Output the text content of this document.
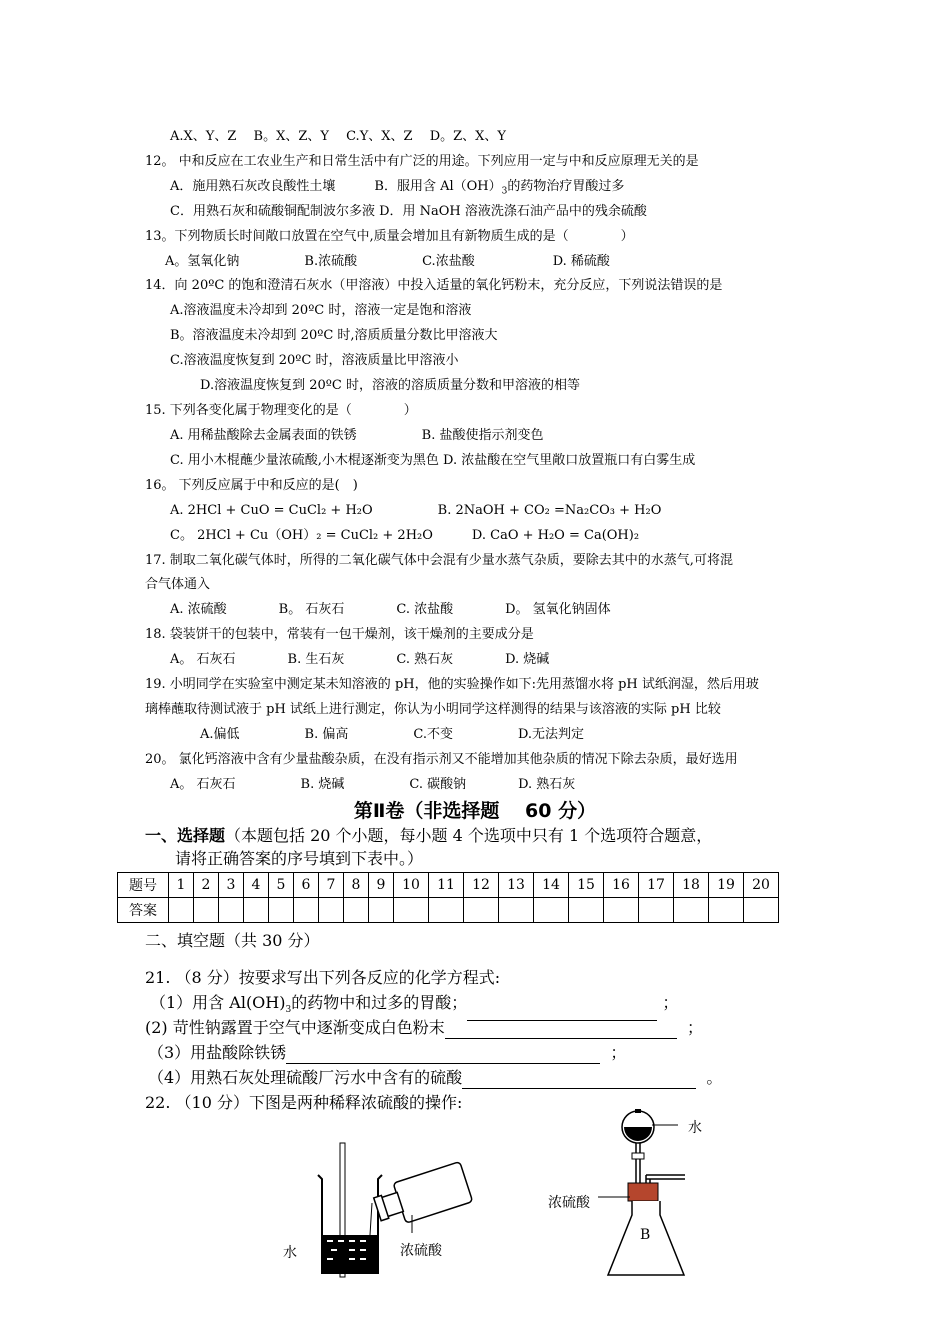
A.X、Y、Z　 B。X、Z、Y　 C.Y、X、Z　 D。Z、X、Y
12。 中和反应在工农业生产和日常生活中有广泛的用途。下列应用一定与中和反应原理无关的是
A．施用熟石灰改良酸性土壤　　　B．服用含 $Al(OH)_3$的药物治疗胃酸过多
C．用熟石灰和硫酸铜配制波尔多液 D．用 NaOH 溶液洗涤石油产品中的残余硫酸
13。下列物质长时间敞口放置在空气中,质量会增加且有新物质生成的是（　　　　）
A。氢氧化钠　　　　　B.浓硫酸　　　　　C.浓盐酸　　　　　　D. 稀硫酸
14．向 20ºC 的饱和澄清石灰水（甲溶液）中投入适量的氧化钙粉末，充分反应，下列说法错误的是
A.溶液温度未冷却到 20ºC 时，溶液一定是饱和溶液
B。溶液温度未冷却到 20ºC 时,溶质质量分数比甲溶液大
C.溶液温度恢复到 20ºC 时，溶液质量比甲溶液小
D.溶液温度恢复到 20ºC 时，溶液的溶质质量分数和甲溶液的相等
15. 下列各变化属于物理变化的是（　　　　）
A. 用稀盐酸除去金属表面的铁锈　　　　　B. 盐酸使指示剂变色
C. 用小木棍蘸少量浓硫酸,小木棍逐渐变为黑色 D. 浓盐酸在空气里敞口放置瓶口有白雾生成
16。 下列反应属于中和反应的是(　)
A. 2HCl + CuO = CuCl₂ + H₂O　　　　　B. 2NaOH + CO₂ =Na₂CO₃ + H₂O
C。 2HCl + Cu（OH）₂ = CuCl₂ + 2H₂O　　　D. CaO + H₂O = Ca(OH)₂
17. 制取二氧化碳气体时，所得的二氧化碳气体中会混有少量水蒸气杂质，要除去其中的水蒸气,可将混
合气体通入
A. 浓硫酸　　　　B。 石灰石　　　　C. 浓盐酸　　　　D。 氢氧化钠固体
18. 袋装饼干的包装中，常装有一包干燥剂，该干燥剂的主要成分是
A。 石灰石　　　　B. 生石灰　　　　C. 熟石灰　　　　D. 烧碱
19. 小明同学在实验室中测定某未知溶液的 pH，他的实验操作如下:先用蒸馏水将 pH 试纸润湿，然后用玻
璃棒蘸取待测试液于 pH 试纸上进行测定，你认为小明同学这样测得的结果与该溶液的实际 pH 比较
A.偏低　　　　　B. 偏高　　　　　C.不变　　　　　D.无法判定
20。 氯化钙溶液中含有少量盐酸杂质，在没有指示剂又不能增加其他杂质的情况下除去杂质，最好选用
A。 石灰石　　　　　B. 烧碱　　　　　C. 碳酸钠　　　　D. 熟石灰
第Ⅱ卷（非选择题　 60 分）
一、选择题（本题包括 20 个小题，每小题 4 个选项中只有 1 个选项符合题意，
请将正确答案的序号填到下表中。）
题号	1	2	3	4	5	6	7	8	9	10	11	12	13	14	15	16	17	18	19	20
答案																				
二、填空题（共 30 分）
21. （8 分）按要求写出下列各反应的化学方程式:
（1）用含 $Al(OH)_3$的药物中和过多的胃酸；	；
(2) 苛性钠露置于空气中逐渐变成白色粉末	；
（3）用盐酸除铁锈	；
（4）用熟石灰处理硫酸厂污水中含有的硫酸	。
22. （10 分）下图是两种稀释浓硫酸的操作:
水	浓硫酸
水
浓硫酸
B
